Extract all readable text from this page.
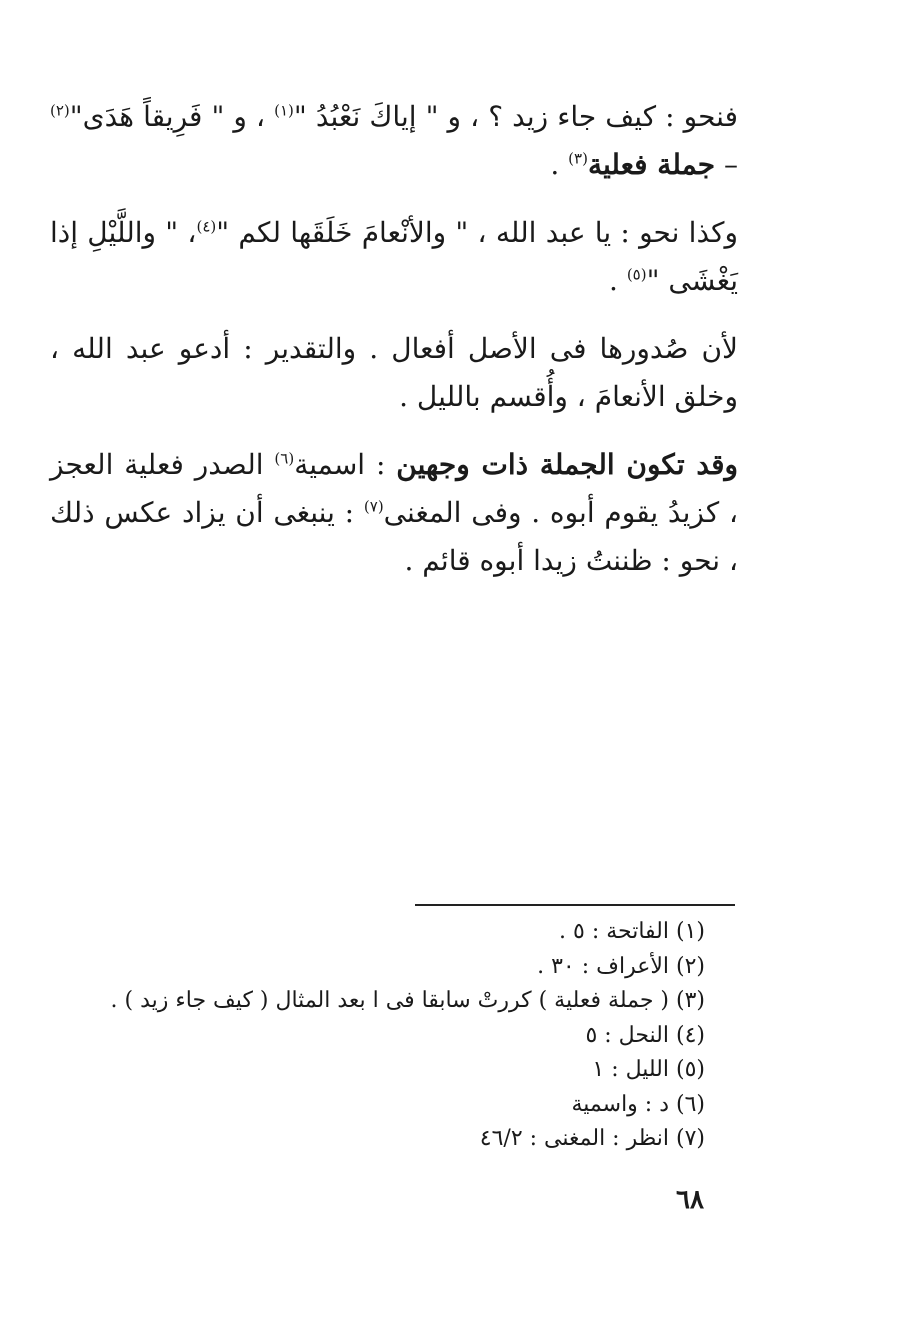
فنحو : كيف جاء زيد ؟ ، و " إياكَ نَعْبُدُ "$^{(١)}$ ، و " فَرِيقاً هَدَى"$^{(٢)}$ – جملة فعلية$^{(٣)}$ .

وكذا نحو : يا عبد الله ، " والأنْعامَ خَلَقَها لكم "$^{(٤)}$، " واللَّيْلِ إذا يَغْشَى "$^{(٥)}$ .

لأن صُدورها فى الأصل أفعال . والتقدير : أدعو عبد الله ، وخلق الأنعامَ ، وأُقسم بالليل .

وقد تكون الجملة ذات وجهين : اسمية$^{(٦)}$ الصدر فعلية العجز ، كزيدُ يقوم أبوه . وفى المغنى$^{(٧)}$ : ينبغى أن يزاد عكس ذلك ، نحو : ظننتُ زيدا أبوه قائم .

(١) الفاتحة : ٥ .
(٢) الأعراف : ٣٠ .
(٣) ( جملة فعلية ) كررتْ سابقا فى ا بعد المثال ( كيف جاء زيد ) .
(٤) النحل : ٥
(٥) الليل : ١
(٦) د : واسمية
(٧) انظر : المغنى : ٤٦/٢
٦٨
